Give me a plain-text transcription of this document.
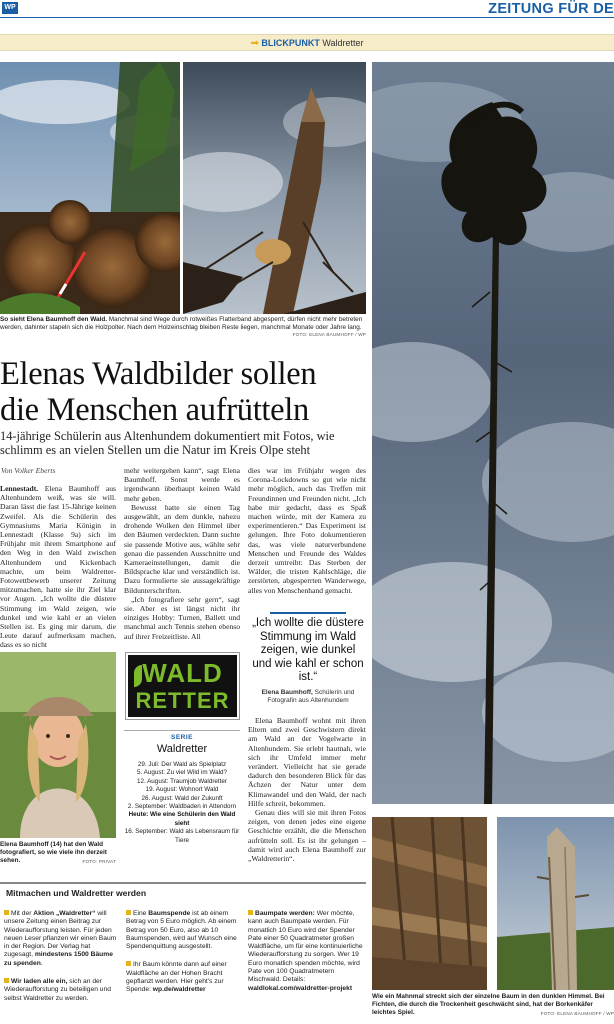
WP	ZEITUNG FÜR DE
➡ BLICKPUNKT Waldretter
So sieht Elena Baumhoff den Wald. Manchmal sind Wege durch rotweißes Flatterband abgesperrt, dürfen nicht mehr betreten werden, dahinter stapeln sich die Holzpolter. Nach dem Holzeinschlag bleiben Reste liegen, manchmal Monate oder Jahre lang.
FOTO: ELENA BAUMHOFF / WP
Elenas Waldbilder sollen
die Menschen aufrütteln
14-jährige Schülerin aus Altenhundem dokumentiert mit Fotos, wie schlimm es an vielen Stellen um die Natur im Kreis Olpe steht
Von Volker Eberts

Lennestadt. Elena Baumhoff aus Altenhundem weiß, was sie will. Daran lässt die fast 15-Jährige keinen Zweifel. Als die Schülerin des Gymnasiums Maria Königin in Lennestadt (Klasse 9a) sich im Frühjahr mit ihrem Smartphone auf den Weg in den Wald zwischen Altenhundem und Kickenbach machte, um beim Waldretter-Fotowettbewerb unserer Zeitung mitzumachen, hatte sie ihr Ziel klar vor Augen. „Ich wollte die düstere Stimmung im Wald zeigen, wie dunkel und wie kahl er an vielen Stellen ist. Es ging mir darum, die Leute darauf aufmerksam machen, dass es so nicht

mehr weitergehen kann“, sagt Elena Baumhoff. Sonst werde es irgendwann überhaupt keinen Wald mehr geben.

Bewusst hatte sie einen Tag ausgewählt, an dem dunkle, nahezu drohende Wolken den Himmel über den Bäumen verdeckten. Dann suchte sie passende Motive aus, wählte sehr genau die passenden Ausschnitte und Kameraeinstellungen, damit die Bildsprache klar und verständlich ist. Dazu formulierte sie aussagekräftige Bildunterschriften.

„Ich fotografiere sehr gern“, sagt sie. Aber es ist längst nicht ihr einziges Hobby: Turnen, Ballett und manchmal auch Tennis stehen ebenso auf ihrer Freizeitliste. All

dies war im Frühjahr wegen des Corona-Lockdowns so gut wie nicht mehr möglich, auch das Treffen mit Freundinnen und Freunden nicht. „Ich habe mir gedacht, dass es Spaß machen würde, mit der Kamera zu experimentieren.“ Das Experiment ist gelungen. Ihre Foto dokumentieren das, was viele naturverbundene Menschen und Freunde des Waldes derzeit umtreibt: Das Sterben der Wälder, die tristen Kahlschläge, die zerstörten, abgesperrten Wanderwege, alles von Menschenhand gemacht.

„Ich wollte die düstere Stimmung im Wald zeigen, wie dunkel und wie kahl er schon ist.“
Elena Baumhoff, Schülerin und Fotografin aus Altenhundem

Elena Baumhoff wohnt mit ihren Eltern und zwei Geschwistern direkt am Wald an der Vogelwarte in Altenhundem. Sie erlebt hautnah, wie sich ihr Umfeld immer mehr verändert. Vielleicht hat sie gerade dadurch den besonderen Blick für das Ächzen der Natur unter dem Klimawandel und den Wald, der nach Hilfe schreit, bekommen.

Genau dies will sie mit ihren Fotos zeigen, von denen jedes eine eigene Geschichte erzählt, die die Menschen aufrütteln soll. Es ist ihr gelungen – damit wird auch Elena Baumhoff zur „Waldretterin“.

Elena Baumhoff (14) hat den Wald fotografiert, so wie viele ihn derzeit sehen.	FOTO: PRIVAT
WALD
RETTER
SERIE
Waldretter
29. Juli: Der Wald als Spielplatz
5. August: Zu viel Wild im Wald?
12. August: Traumjob Waldretter
19. August: Wohnort Wald
26. August: Wald der Zukunft
2. September: Waldbaden in Attendorn
Heute: Wie eine Schülerin den Wald sieht
16. September: Wald als Lebensraum für Tiere
Wie ein Mahnmal streckt sich der einzelne Baum in den dunklen Himmel. Bei Fichten, die durch die Trockenheit geschwächt sind, hat der Borkenkäfer leichtes Spiel.	FOTO: ELENA BAUMHOFF / WP
Mitmachen und Waldretter werden
Mit der Aktion „Waldretter“ will unsere Zeitung einen Beitrag zur Wiederaufforstung leisten. Für jeden neuen Leser pflanzen wir einen Baum in der Region. Der Verlag hat zugesagt, mindestens 1500 Bäume zu spenden.
Wir laden alle ein, sich an der Wiederaufforstung zu beteiligen und selbst Waldretter zu werden.
Eine Baumspende ist ab einem Betrag von 5 Euro möglich. Ab einem Betrag von 50 Euro, also ab 10 Baumspenden, wird auf Wunsch eine Spendenquittung ausgestellt.
Ihr Baum könnte dann auf einer Waldfläche an der Hohen Bracht gepflanzt werden. Hier geht's zur Spende: wp.de/waldretter
Baumpate werden: Wer möchte, kann auch Baumpate werden. Für monatlich 10 Euro wird der Spender Pate einer 50 Quadratmeter großen Waldfläche, um für eine kontinuierliche Wiederaufforstung zu sorgen. Wer 19 Euro monatlich spenden möchte, wird Pate von 100 Quadratmetern Mischwald. Details: waldlokal.com/waldretter-projekt
